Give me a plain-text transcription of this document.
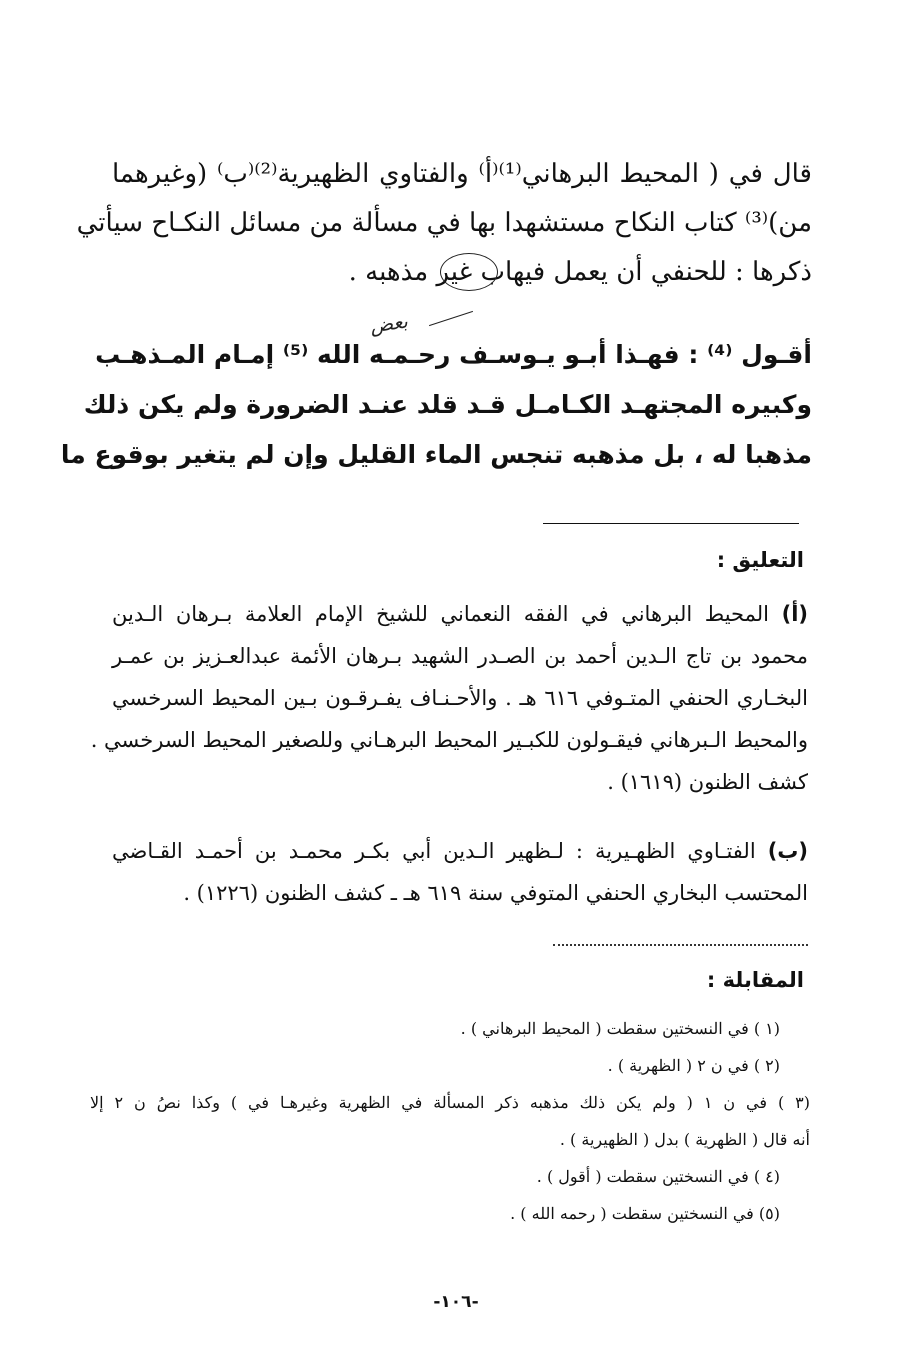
قال في ( المحيط البرهاني⁽¹⁾⁽أ⁾ والفتاوي الظهيرية⁽²⁾⁽ب⁾ (وغيرهما
من)⁽³⁾ كتاب النكاح مستشهدا بها في مسألة من مسائل النكـاح سيأتي
ذكرها : للحنفي أن يعمل فيهاب غير مذهبه .
بعض
أقـول ⁽⁴⁾ : فهـذا أبـو يـوسـف رحـمـه الله ⁽⁵⁾ إمـام المـذهـب
وكبيره المجتهـد الكـامـل قـد قلد عنـد الضرورة ولم يكن ذلك
مذهبا له ، بل مذهبه تنجس الماء القليل وإن لم يتغير بوقوع ما
التعليق :
(أ) المحيط البرهاني في الفقه النعماني للشيخ الإمام العلامة بـرهان الـدين
محمود بن تاج الـدين أحمد بن الصـدر الشهيد بـرهان الأئمة عبدالعـزيز بن عمـر
البخـاري الحنفي المتـوفي ٦١٦ هـ . والأحـنـاف يفـرقـون بـين المحيط السرخسي
والمحيط الـبرهاني فيقـولون للكبـير المحيط البرهـاني وللصغير المحيط السرخسي .
كشف الظنون (١٦١٩) .
(ب) الفتـاوي الظهـيرية : لـظهير الـدين أبي بكـر محمـد بن أحمـد القـاضي
المحتسب البخاري الحنفي المتوفي سنة ٦١٩ هـ ـ كشف الظنون (١٢٢٦) .
المقابلة :
(١ ) في النسختين سقطت ( المحيط البرهاني ) .
(٢ ) في ن ٢ ( الظهرية ) .
(٣ ) في ن ١ ( ولم يكن ذلك مذهبه ذكر المسألة في الظهرية وغيرهـا في ) وكذا نصُ ن ٢ إلا
أنه قال ( الظهرية ) بدل ( الظهيرية ) .
(٤ ) في النسختين سقطت ( أقول ) .
(٥) في النسختين سقطت ( رحمه الله ) .
-١٠٦-
